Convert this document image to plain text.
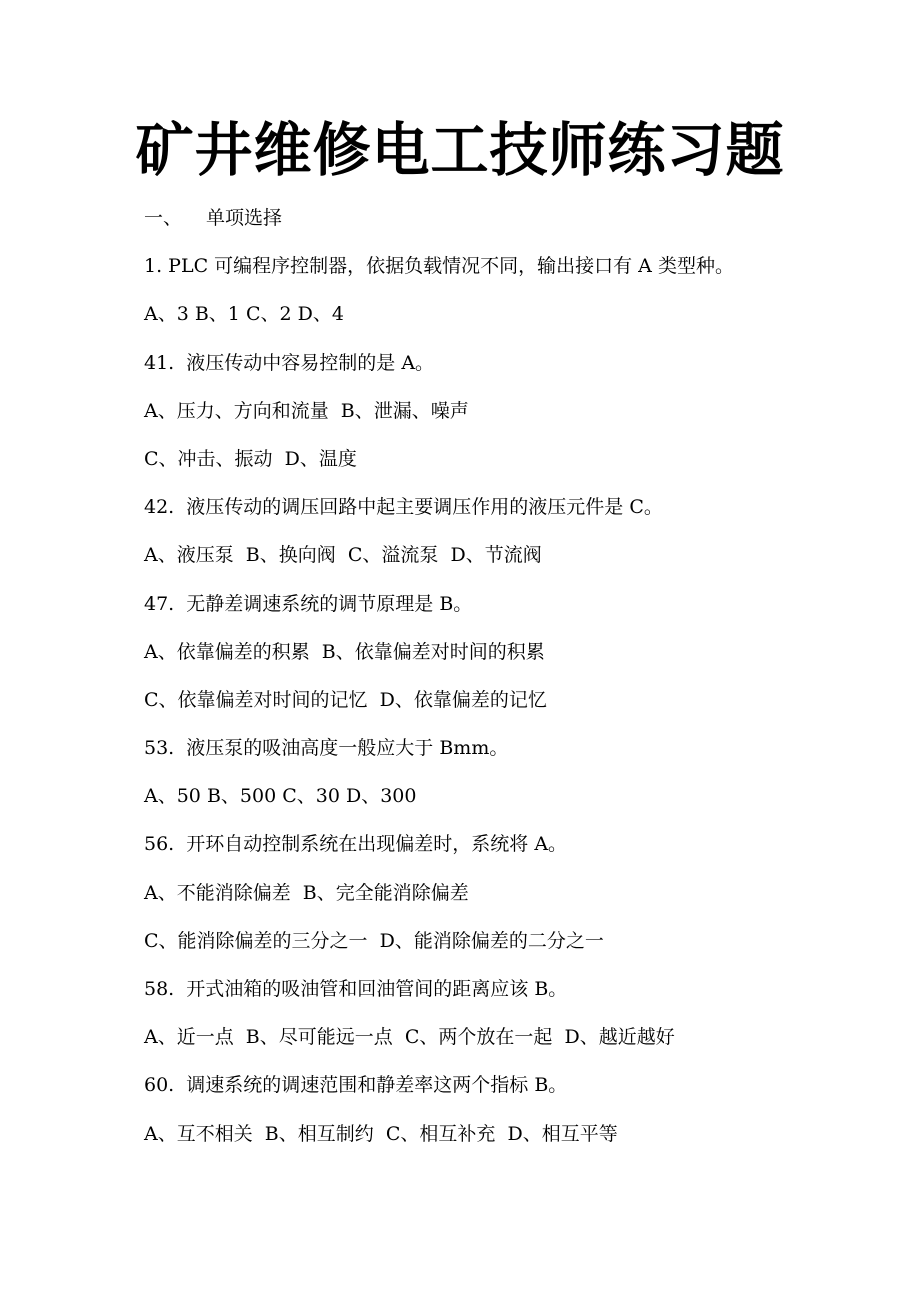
矿井维修电工技师练习题
一、	单项选择
1. PLC 可编程序控制器，依据负载情况不同，输出接口有 A 类型种。
A、3 B、1 C、2 D、4
41.  液压传动中容易控制的是 A。
A、压力、方向和流量  B、泄漏、噪声
C、冲击、振动  D、温度
42.  液压传动的调压回路中起主要调压作用的液压元件是 C。
A、液压泵  B、换向阀  C、溢流泵  D、节流阀
47.  无静差调速系统的调节原理是 B。
A、依靠偏差的积累  B、依靠偏差对时间的积累
C、依靠偏差对时间的记忆  D、依靠偏差的记忆
53.  液压泵的吸油高度一般应大于 Bmm。
A、50 B、500 C、30 D、300
56.  开环自动控制系统在出现偏差时，系统将 A。
A、不能消除偏差  B、完全能消除偏差
C、能消除偏差的三分之一  D、能消除偏差的二分之一
58.  开式油箱的吸油管和回油管间的距离应该 B。
A、近一点  B、尽可能远一点  C、两个放在一起  D、越近越好
60.  调速系统的调速范围和静差率这两个指标 B。
A、互不相关  B、相互制约  C、相互补充  D、相互平等
